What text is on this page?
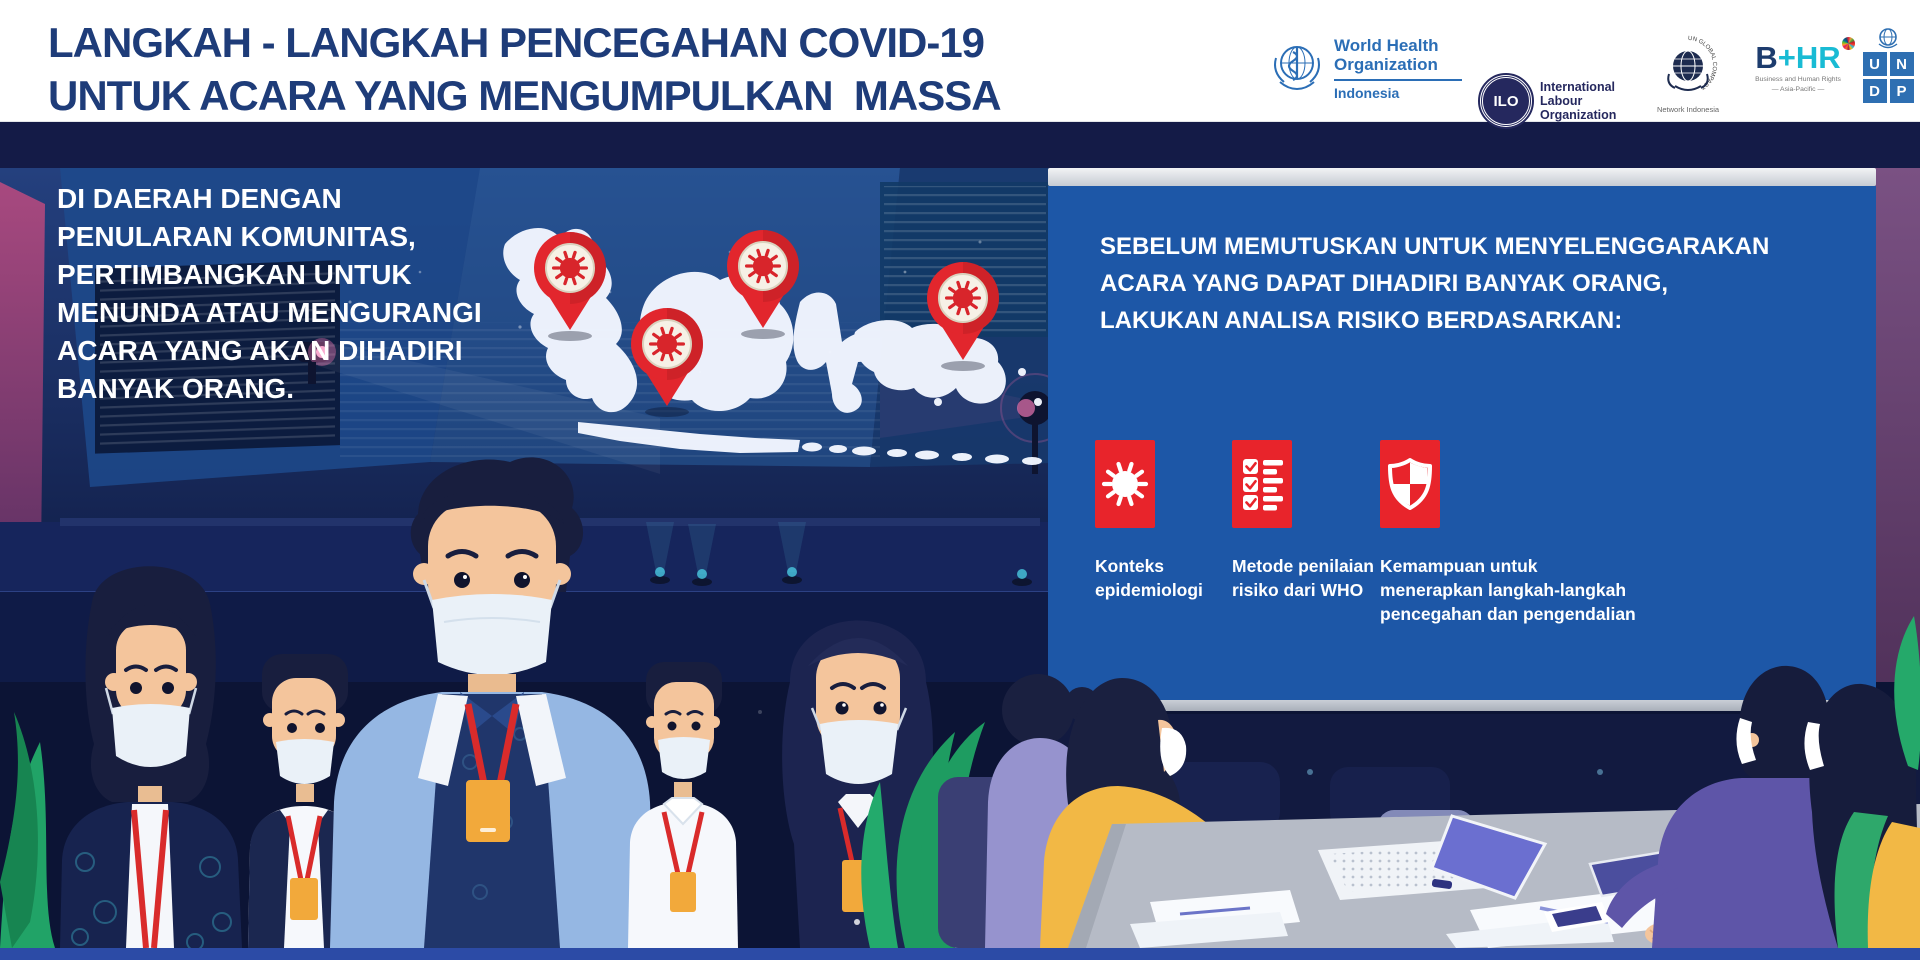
LANGKAH - LANGKAH PENCEGAHAN COVID-19
UNTUK ACARA YANG MENGUMPULKAN  MASSA
World Health
Organization
Indonesia	ILO
International
Labour
Organization
UN GLOBAL COMPACT
Network Indonesia
B+HR
Business and Human Rights
— Asia-Pacific —
U	N
D	P
DI DAERAH DENGAN
PENULARAN KOMUNITAS,
PERTIMBANGKAN UNTUK
MENUNDA ATAU MENGURANGI
ACARA YANG AKAN DIHADIRI
BANYAK ORANG.
SEBELUM MEMUTUSKAN UNTUK MENYELENGGARAKAN
ACARA YANG DAPAT DIHADIRI BANYAK ORANG,
LAKUKAN ANALISA RISIKO BERDASARKAN:
Konteks
epidemiologi
Metode penilaian
risiko dari WHO
Kemampuan untuk
menerapkan langkah-langkah
pencegahan dan pengendalian
